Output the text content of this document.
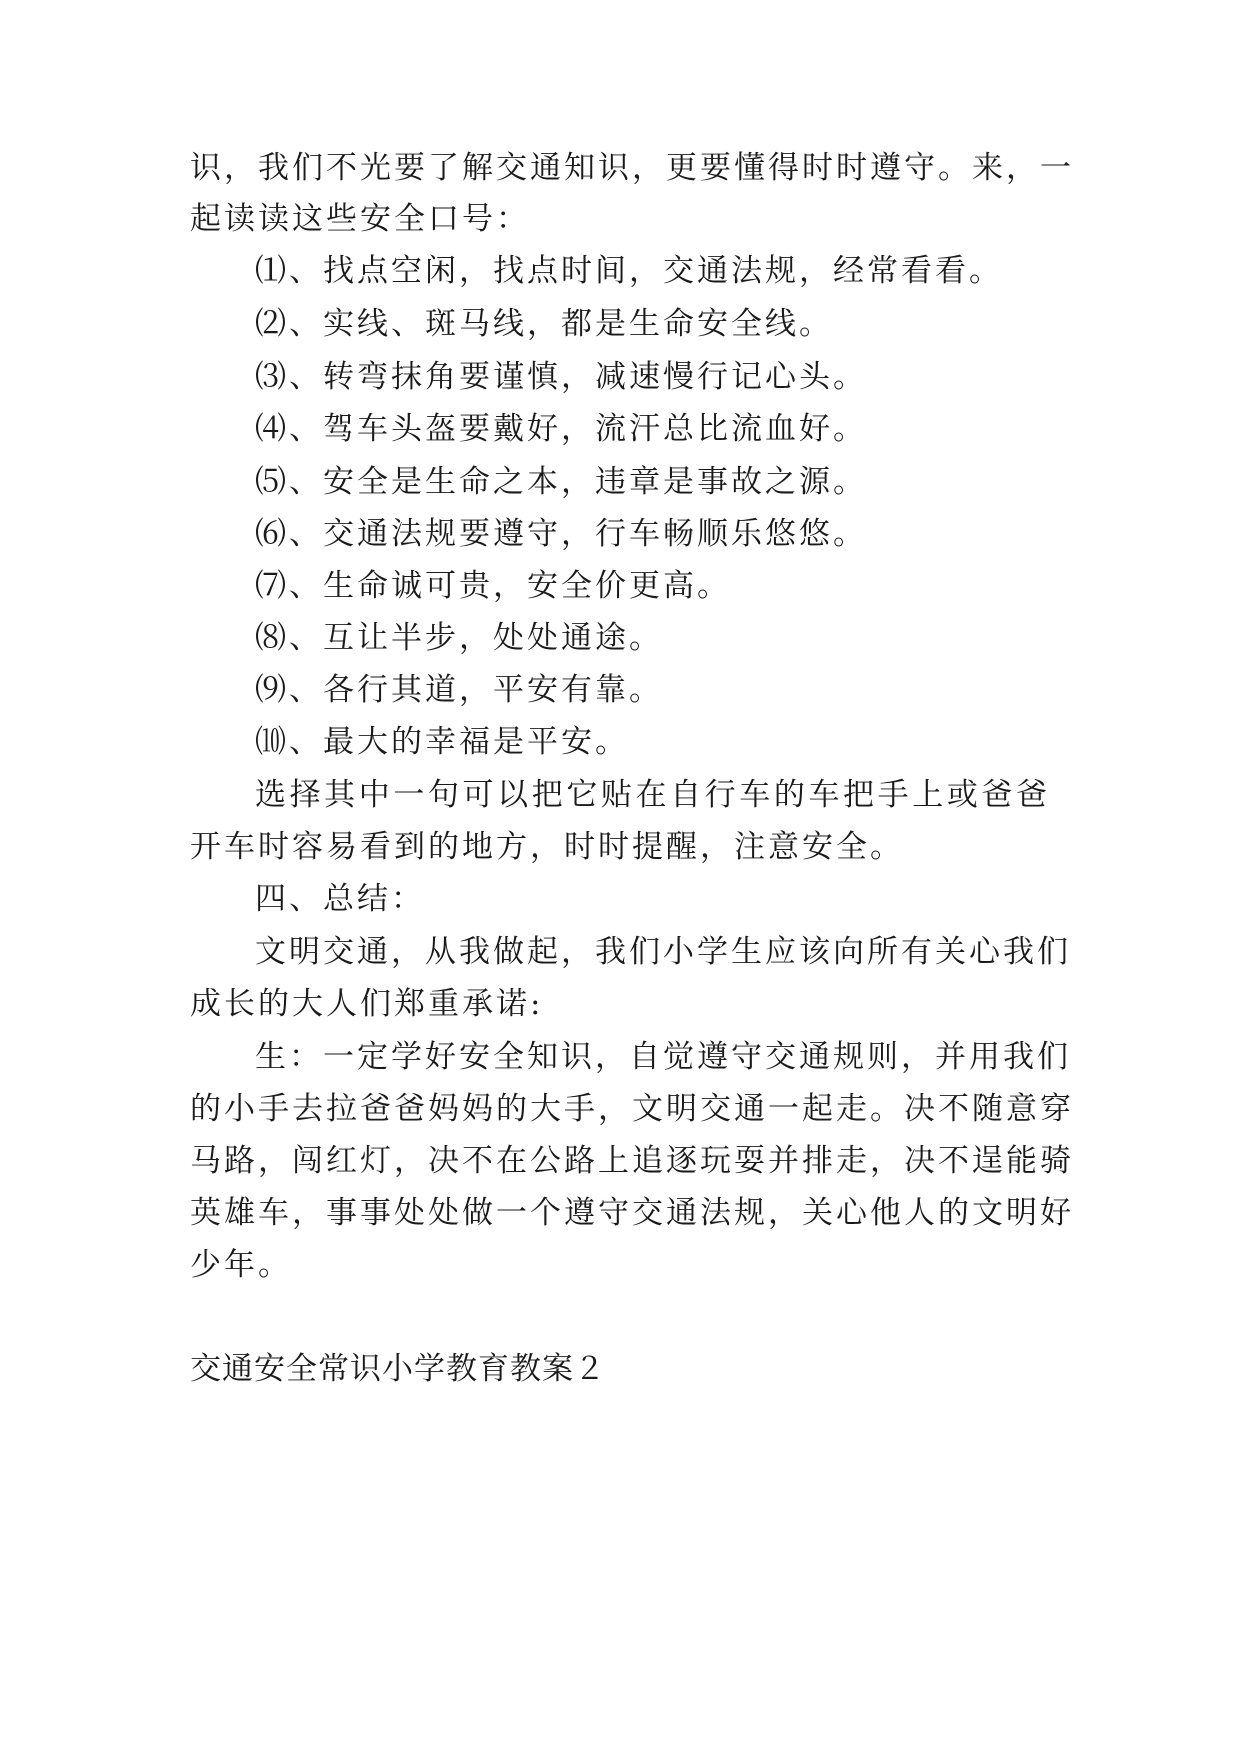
识，我们不光要了解交通知识，更要懂得时时遵守。来，一
起读读这些安全口号：
⑴、找点空闲，找点时间，交通法规，经常看看。
⑵、实线、斑马线，都是生命安全线。
⑶、转弯抹角要谨慎，减速慢行记心头。
⑷、驾车头盔要戴好，流汗总比流血好。
⑸、安全是生命之本，违章是事故之源。
⑹、交通法规要遵守，行车畅顺乐悠悠。
⑺、生命诚可贵，安全价更高。
⑻、互让半步，处处通途。
⑼、各行其道，平安有靠。
⑽、最大的幸福是平安。
选择其中一句可以把它贴在自行车的车把手上或爸爸
开车时容易看到的地方，时时提醒，注意安全。
四、总结：
文明交通，从我做起，我们小学生应该向所有关心我们
成长的大人们郑重承诺:
生：一定学好安全知识，自觉遵守交通规则，并用我们
的小手去拉爸爸妈妈的大手，文明交通一起走。决不随意穿
马路，闯红灯，决不在公路上追逐玩耍并排走，决不逞能骑
英雄车，事事处处做一个遵守交通法规，关心他人的文明好
少年。
交通安全常识小学教育教案２
